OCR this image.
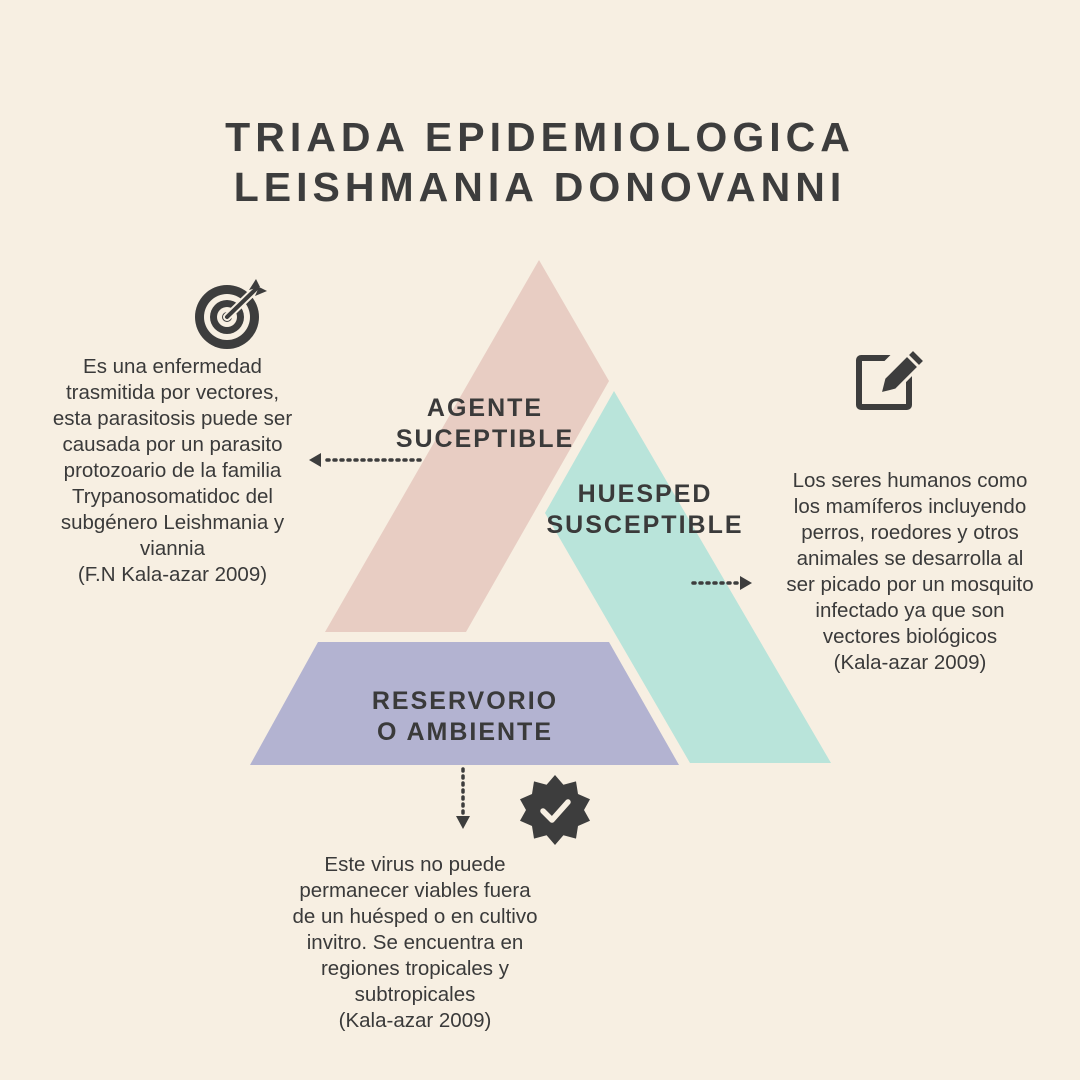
TRIADA EPIDEMIOLOGICA
LEISHMANIA DONOVANNI
AGENTE
SUCEPTIBLE
HUESPED
SUSCEPTIBLE
RESERVORIO
O AMBIENTE
Es una enfermedad
trasmitida por vectores,
esta parasitosis puede ser
causada por un parasito
protozoario de la familia
Trypanosomatidoc del
subgénero Leishmania y
viannia
(F.N Kala-azar 2009)
Los seres humanos como
los mamíferos incluyendo
perros, roedores y otros
animales se desarrolla al
ser picado por un mosquito
infectado ya que son
vectores biológicos
(Kala-azar 2009)
Este virus no puede
permanecer viables fuera
de un huésped o en cultivo
invitro. Se encuentra en
regiones tropicales y
subtropicales
(Kala-azar 2009)
